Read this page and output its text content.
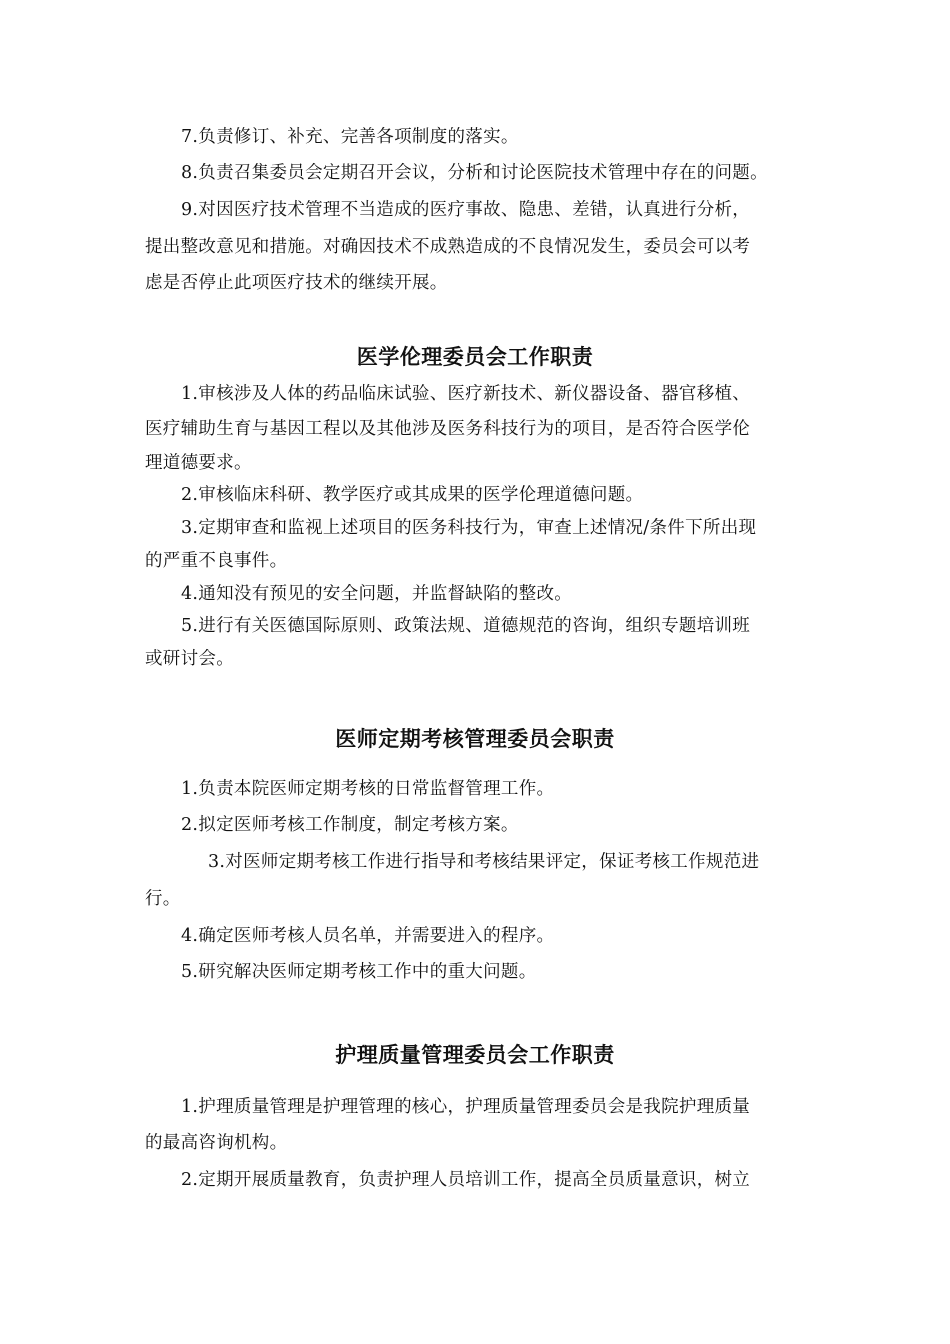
7.负责修订、补充、完善各项制度的落实。
8.负责召集委员会定期召开会议，分析和讨论医院技术管理中存在的问题。
9.对因医疗技术管理不当造成的医疗事故、隐患、差错，认真进行分析，
提出整改意见和措施。对确因技术不成熟造成的不良情况发生，委员会可以考
虑是否停止此项医疗技术的继续开展。
医学伦理委员会工作职责
1.审核涉及人体的药品临床试验、医疗新技术、新仪器设备、器官移植、
医疗辅助生育与基因工程以及其他涉及医务科技行为的项目，是否符合医学伦
理道德要求。
2.审核临床科研、教学医疗或其成果的医学伦理道德问题。
3.定期审查和监视上述项目的医务科技行为，审查上述情况/条件下所出现
的严重不良事件。
4.通知没有预见的安全问题，并监督缺陷的整改。
5.进行有关医德国际原则、政策法规、道德规范的咨询，组织专题培训班
或研讨会。
医师定期考核管理委员会职责
1.负责本院医师定期考核的日常监督管理工作。
2.拟定医师考核工作制度，制定考核方案。
3.对医师定期考核工作进行指导和考核结果评定，保证考核工作规范进
行。
4.确定医师考核人员名单，并需要进入的程序。
5.研究解决医师定期考核工作中的重大问题。
护理质量管理委员会工作职责
1.护理质量管理是护理管理的核心，护理质量管理委员会是我院护理质量
的最高咨询机构。
2.定期开展质量教育，负责护理人员培训工作，提高全员质量意识，树立
